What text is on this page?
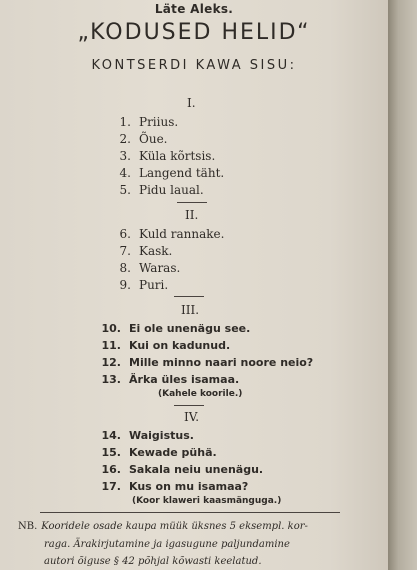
Läte Aleks.
„KODUSED HELID“
KONTSERDI KAWA SISU:
I.
1. Priius.
2. Õue.
3. Küla kõrtsis.
4. Langend täht.
5. Pidu laual.
II.
6. Kuld rannake.
7. Kask.
8. Waras.
9. Puri.
III.
10. Ei ole unenägu see.
11. Kui on kadunud.
12. Mille minno naari noore neio?
13. Ärka üles isamaa.
(Kahele koorile.)
IV.
14. Waigistus.
15. Kewade pühä.
16. Sakala neiu unenägu.
17. Kus on mu isamaa?
(Koor klaweri kaasmänguga.)
NB. Kooridele osade kaupa müük üksnes 5 eksempl. kor-
raga. Ärakirjutamine ja igasugune paljundamine
autori õiguse § 42 põhjal kõwasti keelatud.
